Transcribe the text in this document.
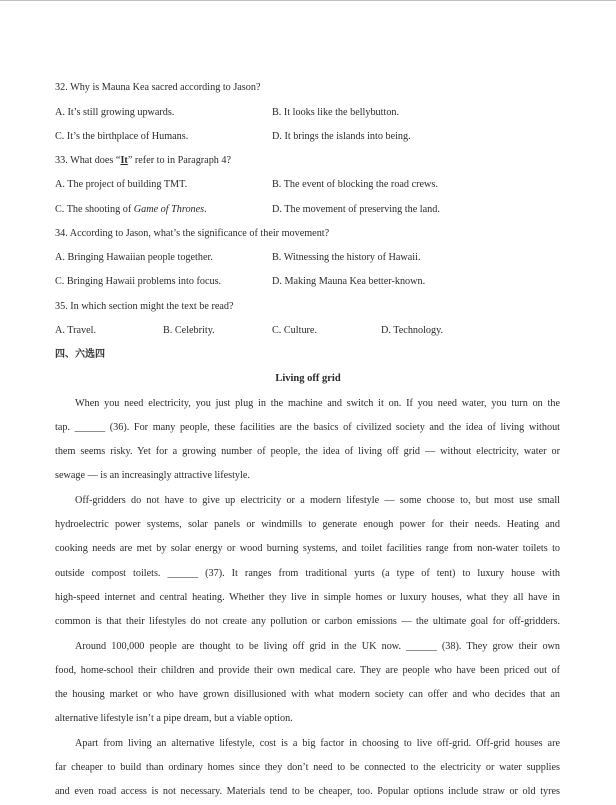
32. Why is Mauna Kea sacred according to Jason?
A. It’s still growing upwards.	B. It looks like the bellybutton.
C. It’s the birthplace of Humans.	D. It brings the islands into being.
33. What does “It” refer to in Paragraph 4?
A. The project of building TMT.	B. The event of blocking the road crews.
C. The shooting of Game of Thrones.	D. The movement of preserving the land.
34. According to Jason, what’s the significance of their movement?
A. Bringing Hawaiian people together.	B. Witnessing the history of Hawaii.
C. Bringing Hawaii problems into focus.	D. Making Mauna Kea better-known.
35. In which section might the text be read?
A. Travel.	B. Celebrity.	C. Culture.	D. Technology.
四、六选四
Living off grid
When you need electricity, you just plug in the machine and switch it on. If you need water, you turn on the
tap. ______ (36). For many people, these facilities are the basics of civilized society and the idea of living without
them seems risky. Yet for a growing number of people, the idea of living off grid — without electricity, water or
sewage — is an increasingly attractive lifestyle.
Off-gridders do not have to give up electricity or a modern lifestyle — some choose to, but most use small
hydroelectric power systems, solar panels or windmills to generate enough power for their needs. Heating and
cooking needs are met by solar energy or wood burning systems, and toilet facilities range from non-water toilets to
outside compost toilets. ______ (37). It ranges from traditional yurts (a type of tent) to luxury house with
high-speed internet and central heating. Whether they live in simple homes or luxury houses, what they all have in
common is that their lifestyles do not create any pollution or carbon emissions — the ultimate goal for off-gridders.
Around 100,000 people are thought to be living off grid in the UK now. ______ (38). They grow their own
food, home-school their children and provide their own medical care. They are people who have been priced out of
the housing market or who have grown disillusioned with what modern society can offer and who decides that an
alternative lifestyle isn’t a pipe dream, but a viable option.
Apart from living an alternative lifestyle, cost is a big factor in choosing to live off-grid. Off-grid houses are
far cheaper to build than ordinary homes since they don’t need to be connected to the electricity or water supplies
and even road access is not necessary. Materials tend to be cheaper, too. Popular options include straw or old tyres
